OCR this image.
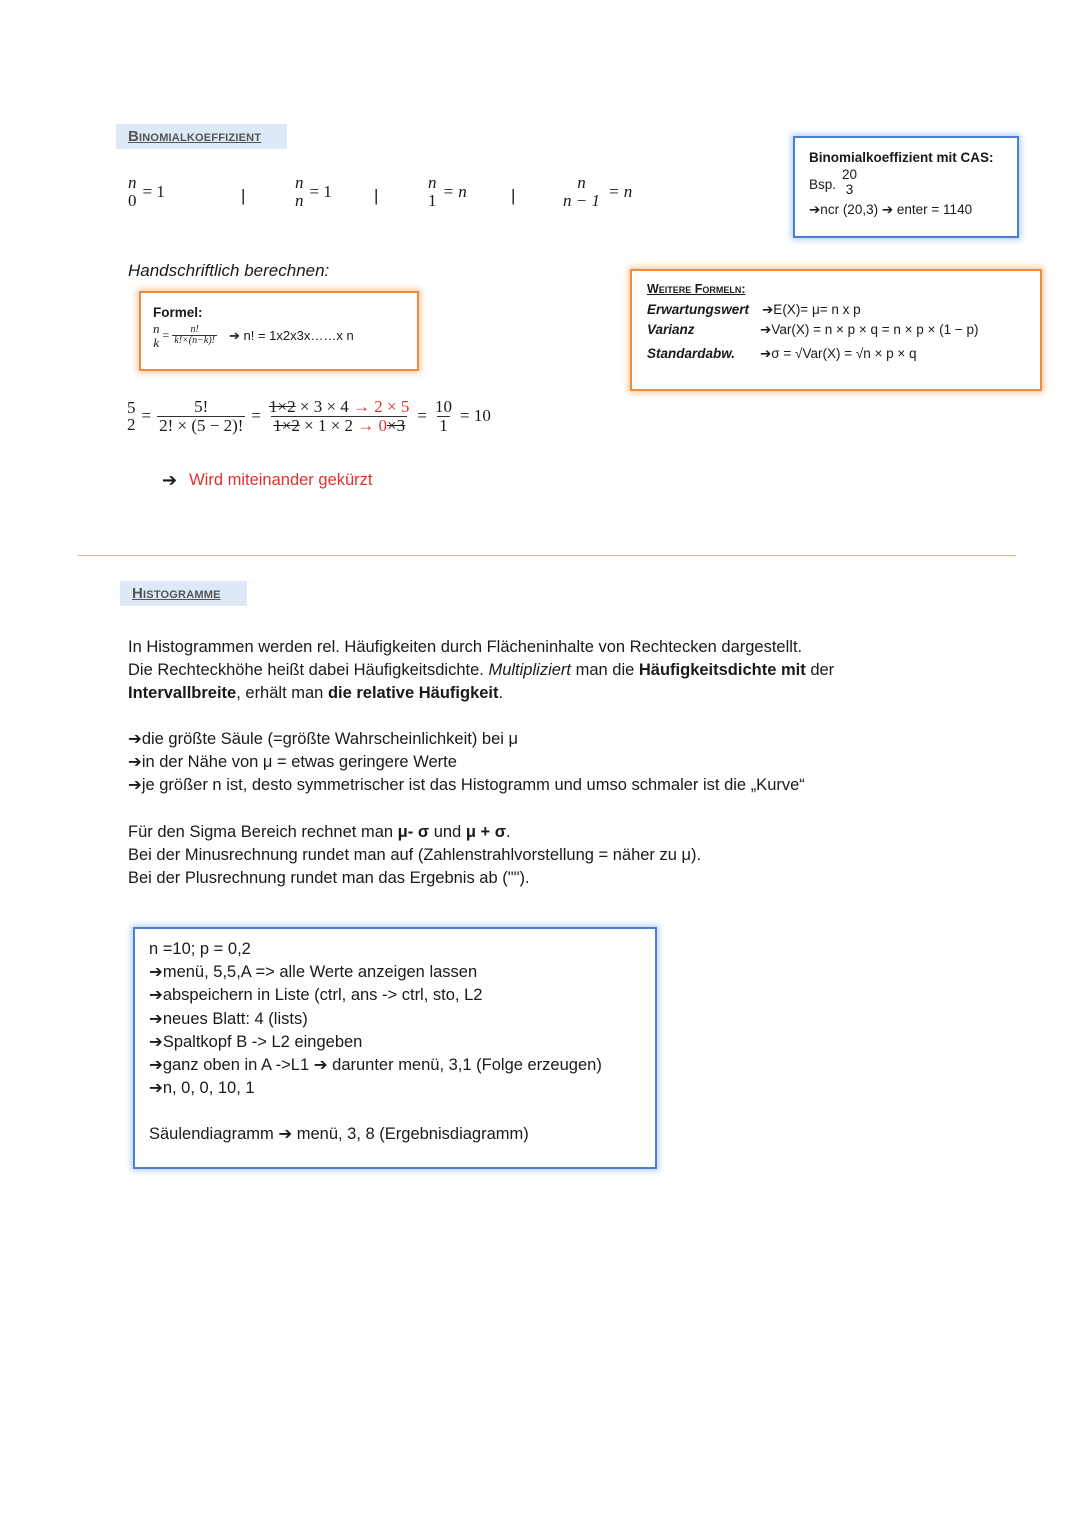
Binomialkoeffizient
n
0 = 1	|
n
n = 1 |
n
1 = n	|
n
n − 1 = n
Binomialkoeffizient mit CAS:
Bsp.
20
3
➔ncr (20,3) ➔ enter = 1140
Handschriftlich berechnen:
Formel:
n
$k = \frac{n!}{k!\times(n-k)!}$ ➔ n! = 1x2x3x……x n
Weitere Formeln:
Erwartungswert ➔E(X)= μ= n x p
Varianz	➔Var(X) = n × p × q = n × p × (1 − p)
Standardabw. ➔σ = √Var(X) = √n × p × q
5
$2 = \frac{5!}{2! \times (5 - 2)!} = \frac{1\times 2 \times 3 \times 4 \to 2 \times 5}{1\times 2 \times 1 \times 2 \to 0\times 3} = \frac{10}{1} = 10$
➔ Wird miteinander gekürzt
Histogramme
In Histogrammen werden rel. Häufigkeiten durch Flächeninhalte von Rechtecken dargestellt.
Die Rechteckhöhe heißt dabei Häufigkeitsdichte. Multipliziert man die Häufigkeitsdichte mit der
Intervallbreite, erhält man die relative Häufigkeit.
➔die größte Säule (=größte Wahrscheinlichkeit) bei μ
➔in der Nähe von μ = etwas geringere Werte
➔je größer n ist, desto symmetrischer ist das Histogramm und umso schmaler ist die „Kurve“
Für den Sigma Bereich rechnet man μ- σ und μ + σ.
Bei der Minusrechnung rundet man auf (Zahlenstrahlvorstellung = näher zu μ).
Bei der Plusrechnung rundet man das Ergebnis ab ("").
n =10; p = 0,2
➔menü, 5,5,A => alle Werte anzeigen lassen
➔abspeichern in Liste (ctrl, ans -> ctrl, sto, L2
➔neues Blatt: 4 (lists)
➔Spaltkopf B -> L2 eingeben
➔ganz oben in A ->L1 ➔ darunter menü, 3,1 (Folge erzeugen)
➔n, 0, 0, 10, 1
Säulendiagramm ➔ menü, 3, 8 (Ergebnisdiagramm)
